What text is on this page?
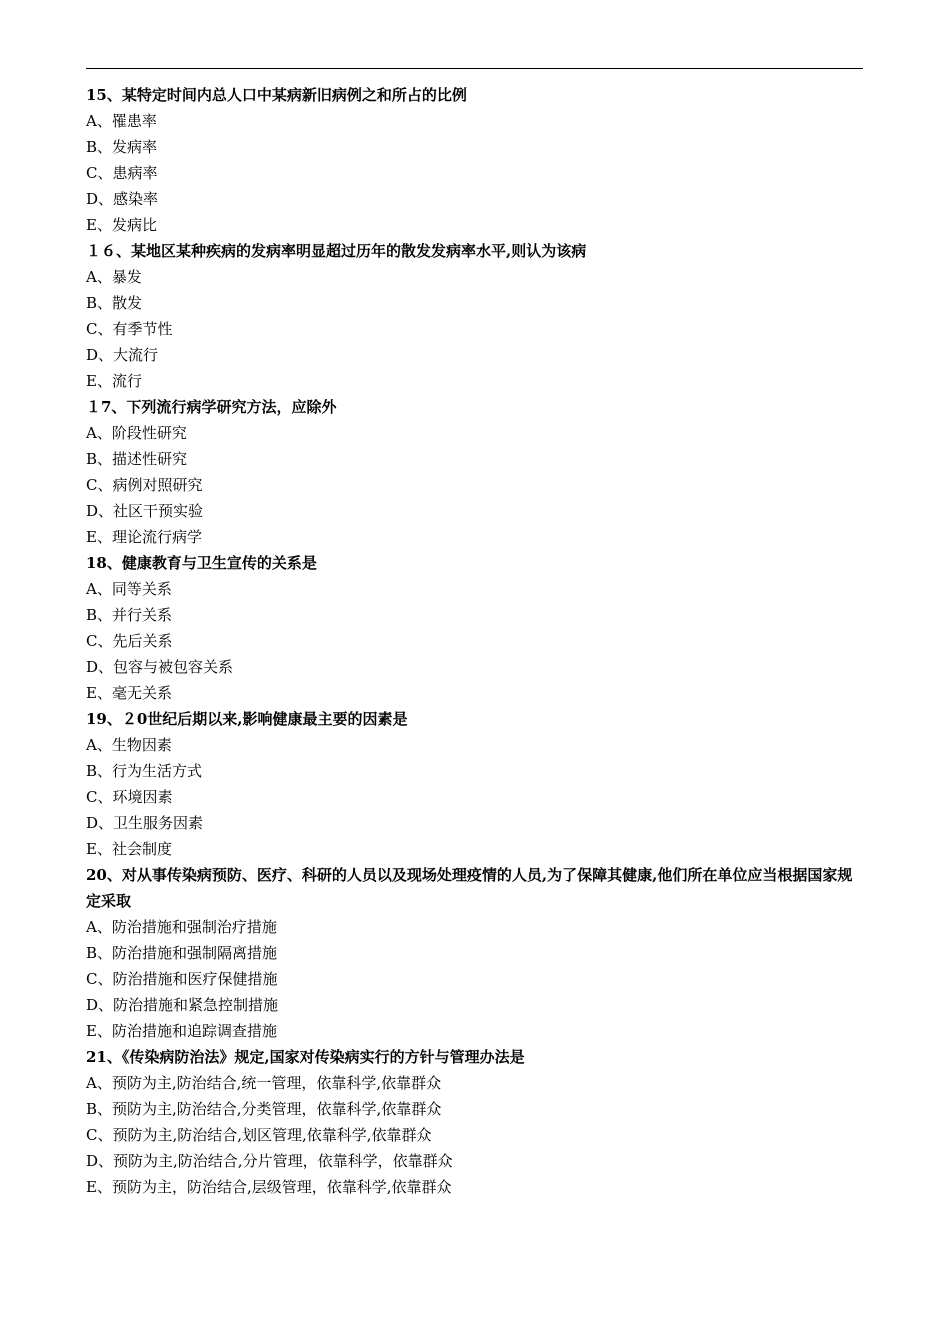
15、某特定时间内总人口中某病新旧病例之和所占的比例
A、罹患率
B、发病率
C、患病率
D、感染率
E、发病比
１６、某地区某种疾病的发病率明显超过历年的散发发病率水平,则认为该病
A、暴发
B、散发
C、有季节性
D、大流行
E、流行
１7、下列流行病学研究方法，应除外
A、阶段性研究
B、描述性研究
C、病例对照研究
D、社区干预实验
E、理论流行病学
18、健康教育与卫生宣传的关系是
A、同等关系
B、并行关系
C、先后关系
D、包容与被包容关系
E、毫无关系
19、２0世纪后期以来,影响健康最主要的因素是
A、生物因素
B、行为生活方式
C、环境因素
D、卫生服务因素
E、社会制度
20、对从事传染病预防、医疗、科研的人员以及现场处理疫情的人员,为了保障其健康,他们所在单位应当根据国家规定采取
A、防治措施和强制治疗措施
B、防治措施和强制隔离措施
C、防治措施和医疗保健措施
D、防治措施和紧急控制措施
E、防治措施和追踪调查措施
21、《传染病防治法》规定,国家对传染病实行的方针与管理办法是
A、预防为主,防治结合,统一管理，依靠科学,依靠群众
B、预防为主,防治结合,分类管理，依靠科学,依靠群众
C、预防为主,防治结合,划区管理,依靠科学,依靠群众
D、预防为主,防治结合,分片管理，依靠科学，依靠群众
E、预防为主，防治结合,层级管理，依靠科学,依靠群众
